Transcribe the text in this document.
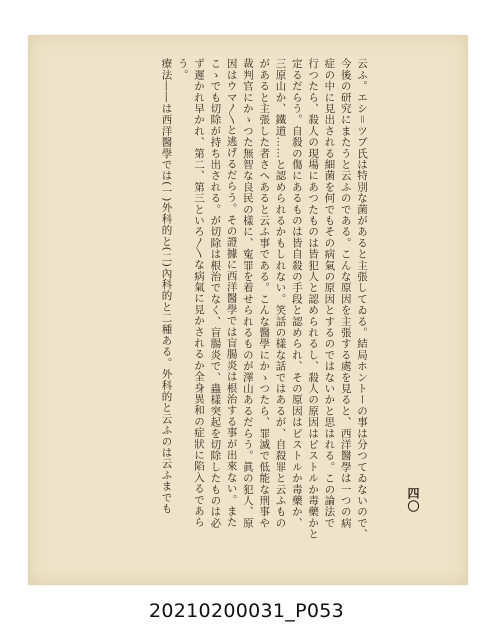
四〇

云ふ。エシ＝ツブ氏は特別な菌があると主張してゐる。結局ホントーの事は分つてゐないので、

今後の研究にまたうと云ふのである。こんな原因を主張する處を見ると、西洋醫學は一つの病

症の中に見出される細菌を何でもその病氣の原因とするのではないかと思はれる。この論法で

行つたら、殺人の現場にあつたものは皆犯人と認められるし、殺人の原因はピストルか毒藥かと

定るだらう。自殺の傷にあるものは皆自殺の手段と認められ、その原因はピストルか毒藥か、

三原山か、鐵道……と認められるかもしれない。笑話の樣な話ではあるが、自殺罪と云ふもの

があると主張した者さへあると云ふ事である。こんな醫學にかゝつたら、罪滅で低能な刑事や

裁判官にかゝつた無智な良民の樣に、寃罪を着せられるものが澤山あるだらう。眞の犯人、原

因はウマ〳〵と逃げるだらう。その證據に西洋醫學では盲腸炎は根治する事が出來ない。また

こゝでも切除が持ち出される。が切除は根治でなく、盲腸炎で、蟲樣突起を切除したものは必

ず遲かれ早かれ、第二、第三といろ〳〵な病氣に見かされるか全身異和の症狀に陷入るであら

う。

療法――は西洋醫學では(一)外科的と(二)內科的と二種ある。外科的と云ふのは云ふまでも

20210200031_P053
